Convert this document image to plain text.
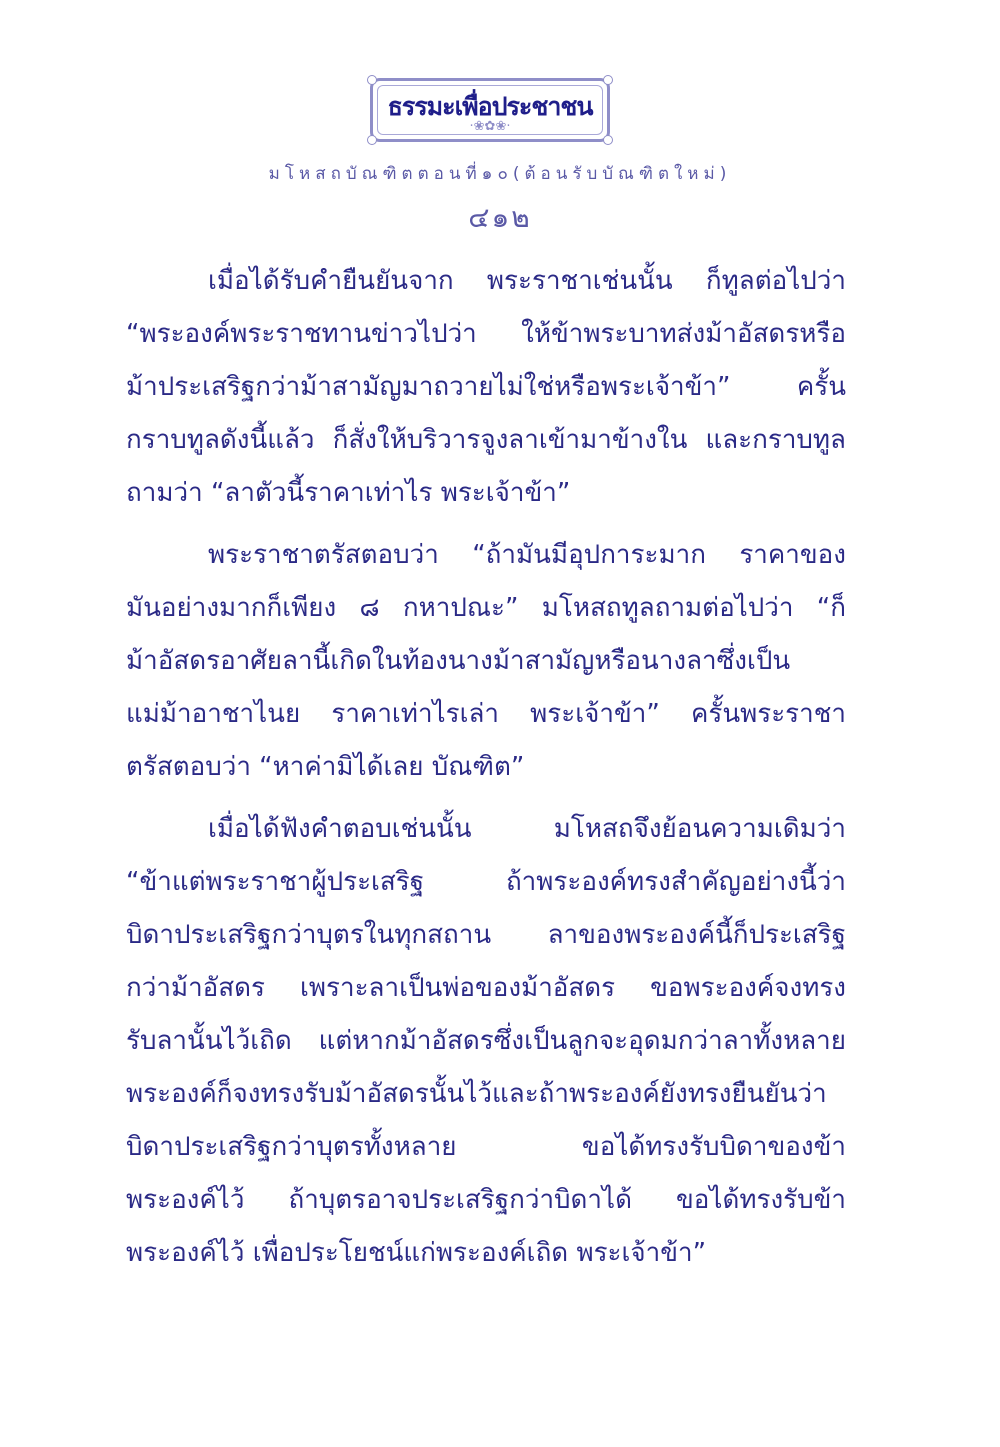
ธรรมะเพื่อประชาชน
·❀✿❀·
มโหสถบัณฑิตตอนที่๑๐(ต้อนรับบัณฑิตใหม่)
๔๑๒

เมื่อได้รับคำยืนยันจาก พระราชาเช่นนั้น ก็ทูลต่อไปว่า
“พระองค์พระราชทานข่าวไปว่า ให้ข้าพระบาทส่งม้าอัสดรหรือ
ม้าประเสริฐกว่าม้าสามัญมาถวายไม่ใช่หรือพระเจ้าข้า” ครั้น
กราบทูลดังนี้แล้ว ก็สั่งให้บริวารจูงลาเข้ามาข้างใน และกราบทูล
ถามว่า “ลาตัวนี้ราคาเท่าไร พระเจ้าข้า”

พระราชาตรัสตอบว่า “ถ้ามันมีอุปการะมาก ราคาของ
มันอย่างมากก็เพียง ๘ กหาปณะ” มโหสถทูลถามต่อไปว่า “ก็
ม้าอัสดรอาศัยลานี้เกิดในท้องนางม้าสามัญหรือนางลาซึ่งเป็น
แม่ม้าอาชาไนย ราคาเท่าไรเล่า พระเจ้าข้า” ครั้นพระราชา
ตรัสตอบว่า “หาค่ามิได้เลย บัณฑิต”

เมื่อได้ฟังคำตอบเช่นนั้น มโหสถจึงย้อนความเดิมว่า
“ข้าแต่พระราชาผู้ประเสริฐ ถ้าพระองค์ทรงสำคัญอย่างนี้ว่า
บิดาประเสริฐกว่าบุตรในทุกสถาน ลาของพระองค์นี้ก็ประเสริฐ
กว่าม้าอัสดร เพราะลาเป็นพ่อของม้าอัสดร ขอพระองค์จงทรง
รับลานั้นไว้เถิด แต่หากม้าอัสดรซึ่งเป็นลูกจะอุดมกว่าลาทั้งหลาย
พระองค์ก็จงทรงรับม้าอัสดรนั้นไว้และถ้าพระองค์ยังทรงยืนยันว่า
บิดาประเสริฐกว่าบุตรทั้งหลาย ขอได้ทรงรับบิดาของข้า
พระองค์ไว้ ถ้าบุตรอาจประเสริฐกว่าบิดาได้ ขอได้ทรงรับข้า
พระองค์ไว้ เพื่อประโยชน์แก่พระองค์เถิด พระเจ้าข้า”
